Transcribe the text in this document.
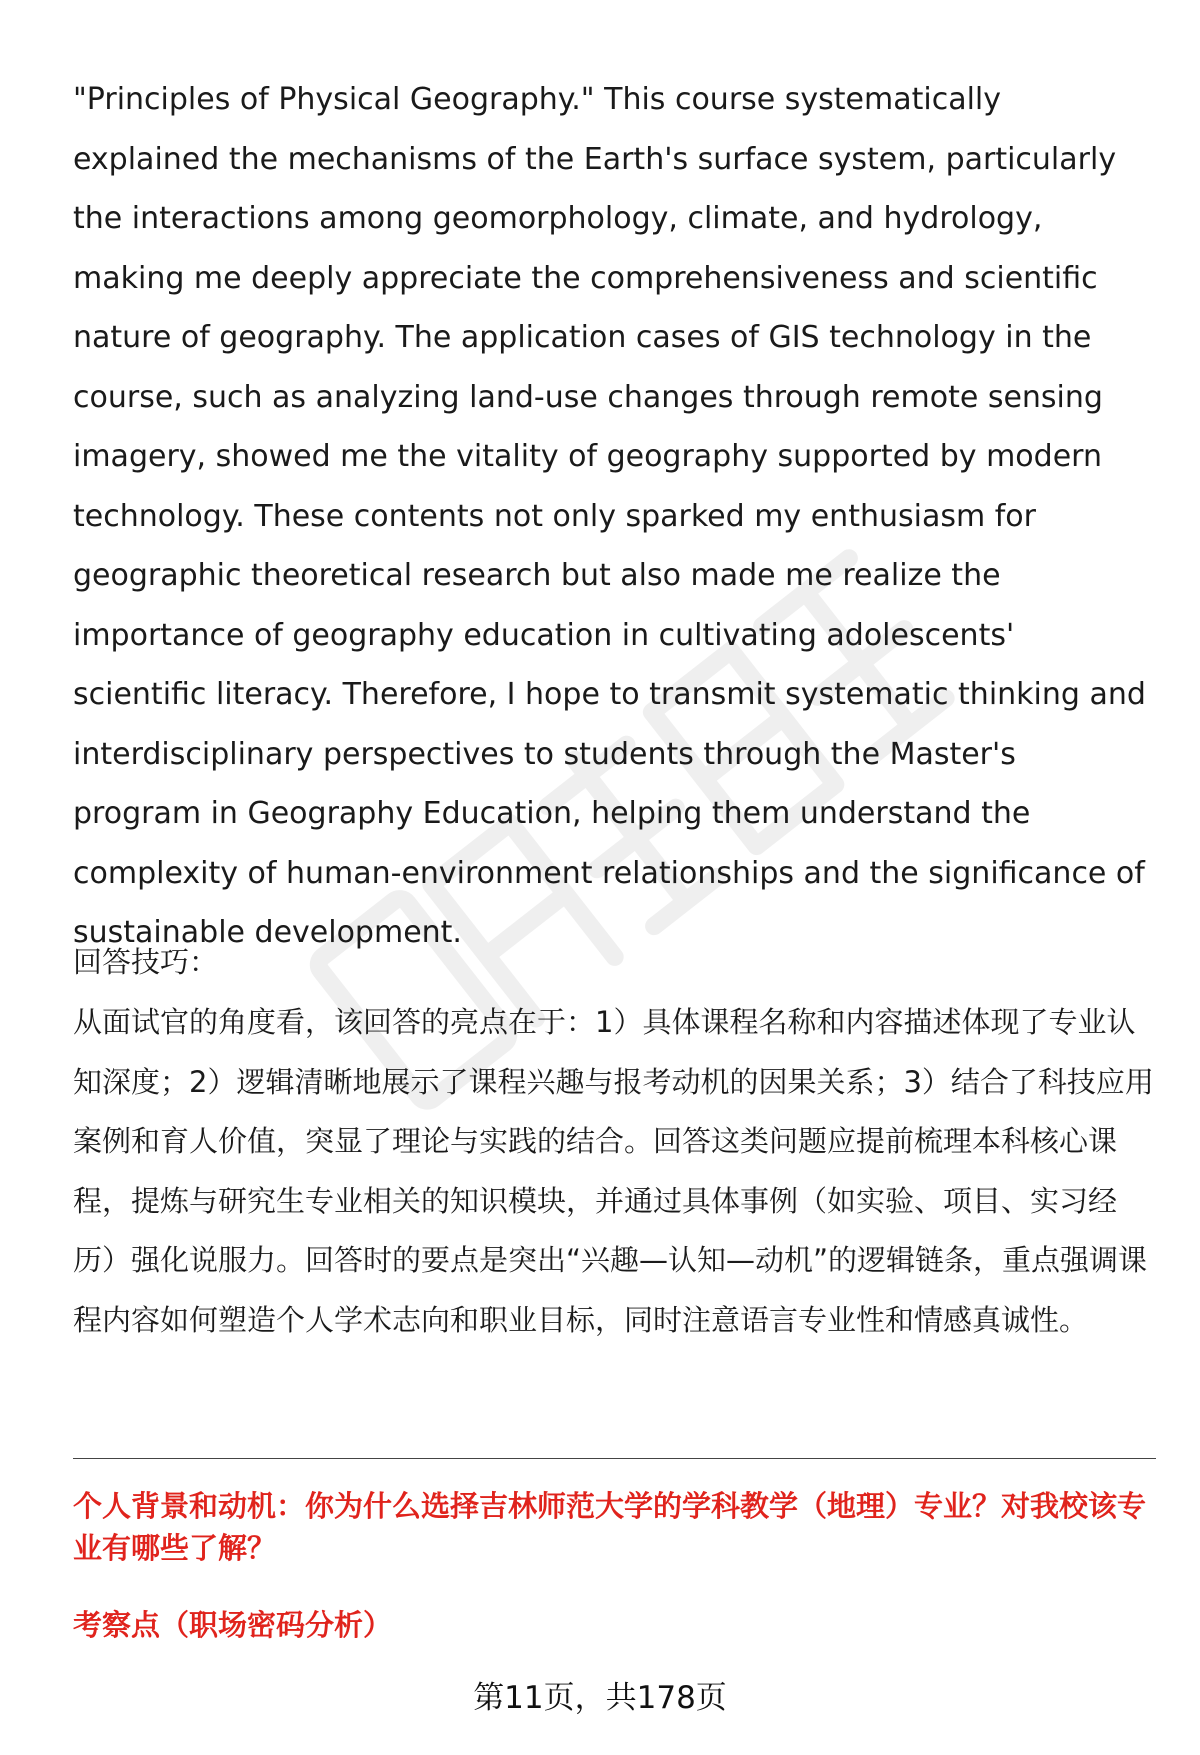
"Principles of Physical Geography." This course systematically explained the mechanisms of the Earth's surface system, particularly the interactions among geomorphology, climate, and hydrology, making me deeply appreciate the comprehensiveness and scientific nature of geography. The application cases of GIS technology in the course, such as analyzing land-use changes through remote sensing imagery, showed me the vitality of geography supported by modern technology. These contents not only sparked my enthusiasm for geographic theoretical research but also made me realize the importance of geography education in cultivating adolescents' scientific literacy. Therefore, I hope to transmit systematic thinking and interdisciplinary perspectives to students through the Master's program in Geography Education, helping them understand the complexity of human-environment relationships and the significance of sustainable development.

回答技巧：

从面试官的角度看，该回答的亮点在于：1）具体课程名称和内容描述体现了专业认知深度；2）逻辑清晰地展示了课程兴趣与报考动机的因果关系；3）结合了科技应用案例和育人价值，突显了理论与实践的结合。回答这类问题应提前梳理本科核心课程，提炼与研究生专业相关的知识模块，并通过具体事例（如实验、项目、实习经历）强化说服力。回答时的要点是突出“兴趣—认知—动机”的逻辑链条，重点强调课程内容如何塑造个人学术志向和职业目标，同时注意语言专业性和情感真诚性。

个人背景和动机：你为什么选择吉林师范大学的学科教学（地理）专业？对我校该专业有哪些了解？

考察点（职场密码分析）

第11页，共178页
